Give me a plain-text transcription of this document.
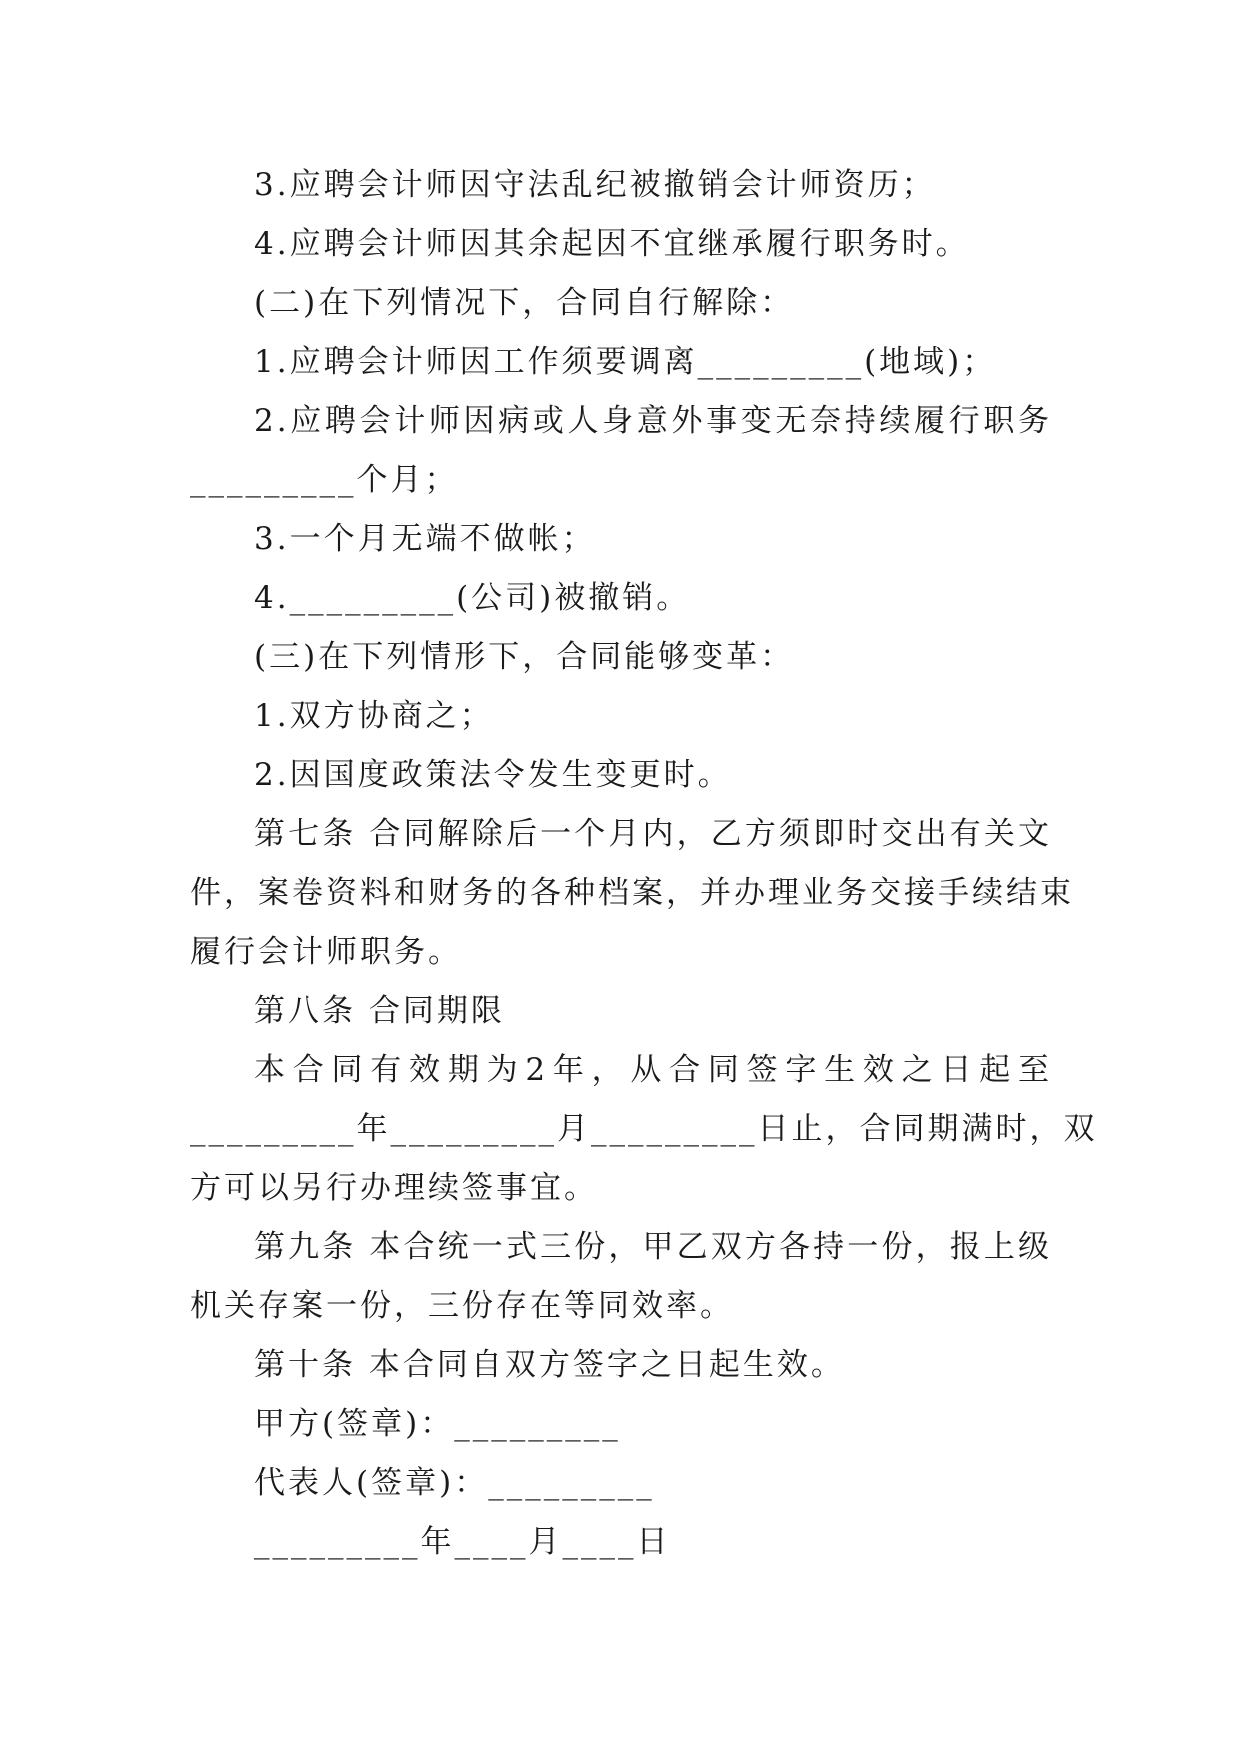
3.应聘会计师因守法乱纪被撤销会计师资历；
4.应聘会计师因其余起因不宜继承履行职务时。
(二)在下列情况下，合同自行解除：
1.应聘会计师因工作须要调离_________(地域)；
2.应聘会计师因病或人身意外事变无奈持续履行职务
_________个月；
3.一个月无端不做帐；
4._________(公司)被撤销。
(三)在下列情形下，合同能够变革：
1.双方协商之；
2.因国度政策法令发生变更时。
第七条 合同解除后一个月内，乙方须即时交出有关文
件，案卷资料和财务的各种档案，并办理业务交接手续结束
履行会计师职务。
第八条 合同期限
本合同有效期为2年，从合同签字生效之日起至
_________年_________月_________日止，合同期满时，双
方可以另行办理续签事宜。
第九条 本合统一式三份，甲乙双方各持一份，报上级
机关存案一份，三份存在等同效率。
第十条 本合同自双方签字之日起生效。
甲方(签章)：_________
代表人(签章)：_________
_________年____月____日
